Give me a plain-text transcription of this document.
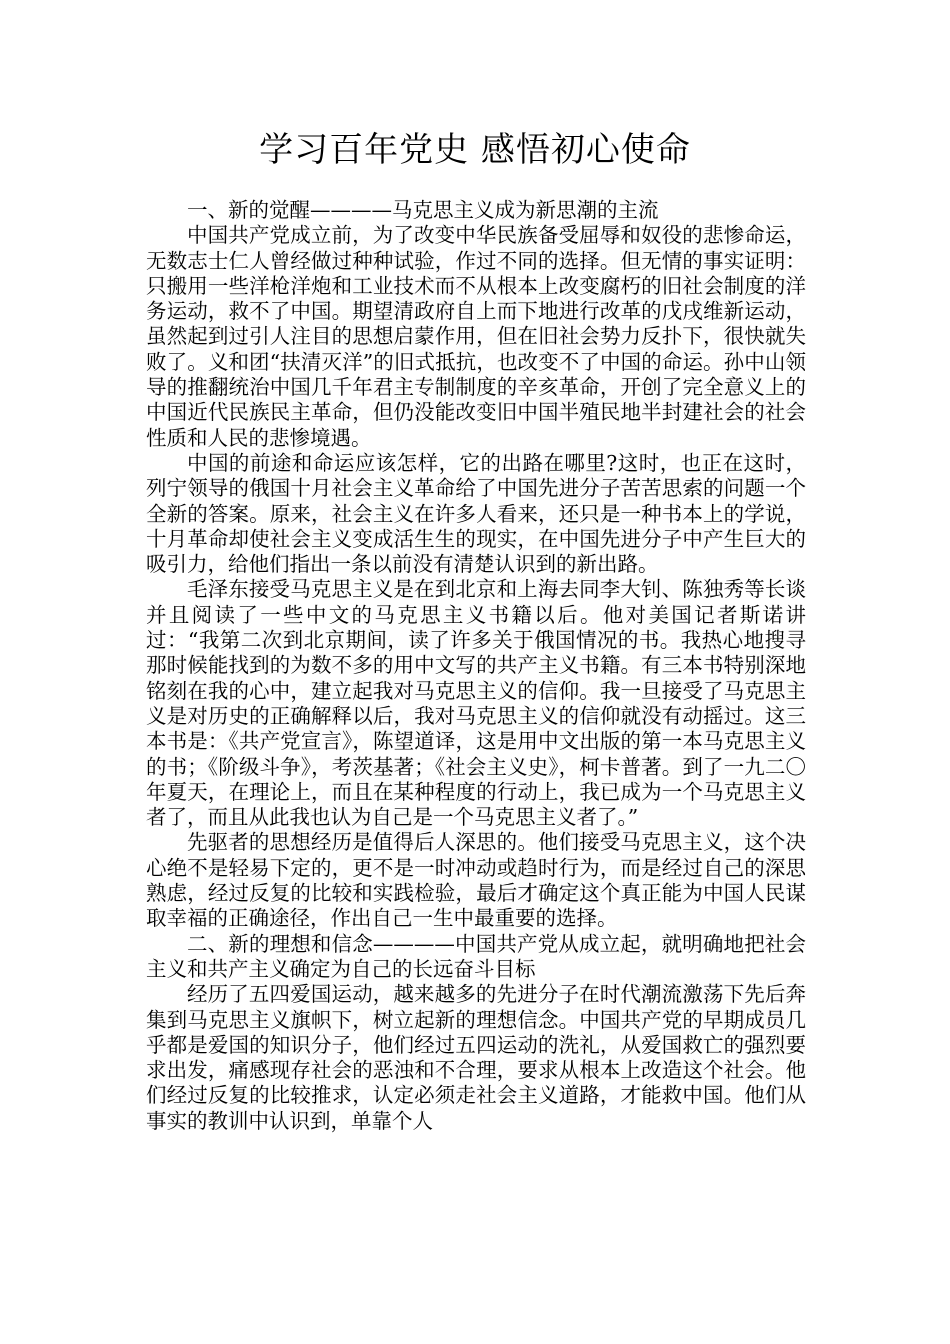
学习百年党史 感悟初心使命

一、新的觉醒————马克思主义成为新思潮的主流

中国共产党成立前，为了改变中华民族备受屈辱和奴役的悲惨命运，无数志士仁人曾经做过种种试验，作过不同的选择。但无情的事实证明：只搬用一些洋枪洋炮和工业技术而不从根本上改变腐朽的旧社会制度的洋务运动，救不了中国。期望清政府自上而下地进行改革的戊戌维新运动，虽然起到过引人注目的思想启蒙作用，但在旧社会势力反扑下，很快就失败了。义和团“扶清灭洋”的旧式抵抗，也改变不了中国的命运。孙中山领导的推翻统治中国几千年君主专制制度的辛亥革命，开创了完全意义上的中国近代民族民主革命，但仍没能改变旧中国半殖民地半封建社会的社会性质和人民的悲惨境遇。

中国的前途和命运应该怎样，它的出路在哪里?这时，也正在这时，列宁领导的俄国十月社会主义革命给了中国先进分子苦苦思索的问题一个全新的答案。原来，社会主义在许多人看来，还只是一种书本上的学说，十月革命却使社会主义变成活生生的现实，在中国先进分子中产生巨大的吸引力，给他们指出一条以前没有清楚认识到的新出路。

毛泽东接受马克思主义是在到北京和上海去同李大钊、陈独秀等长谈并且阅读了一些中文的马克思主义书籍以后。他对美国记者斯诺讲过：“我第二次到北京期间，读了许多关于俄国情况的书。我热心地搜寻那时候能找到的为数不多的用中文写的共产主义书籍。有三本书特别深地铭刻在我的心中，建立起我对马克思主义的信仰。我一旦接受了马克思主义是对历史的正确解释以后，我对马克思主义的信仰就没有动摇过。这三本书是：《共产党宣言》，陈望道译，这是用中文出版的第一本马克思主义的书；《阶级斗争》，考茨基著；《社会主义史》，柯卡普著。到了一九二〇年夏天，在理论上，而且在某种程度的行动上，我已成为一个马克思主义者了，而且从此我也认为自己是一个马克思主义者了。”

先驱者的思想经历是值得后人深思的。他们接受马克思主义，这个决心绝不是轻易下定的，更不是一时冲动或趋时行为，而是经过自己的深思熟虑，经过反复的比较和实践检验，最后才确定这个真正能为中国人民谋取幸福的正确途径，作出自己一生中最重要的选择。

二、新的理想和信念————中国共产党从成立起，就明确地把社会主义和共产主义确定为自己的长远奋斗目标

经历了五四爱国运动，越来越多的先进分子在时代潮流激荡下先后奔集到马克思主义旗帜下，树立起新的理想信念。中国共产党的早期成员几乎都是爱国的知识分子，他们经过五四运动的洗礼，从爱国救亡的强烈要求出发，痛感现存社会的恶浊和不合理，要求从根本上改造这个社会。他们经过反复的比较推求，认定必须走社会主义道路，才能救中国。他们从事实的教训中认识到，单靠个人
